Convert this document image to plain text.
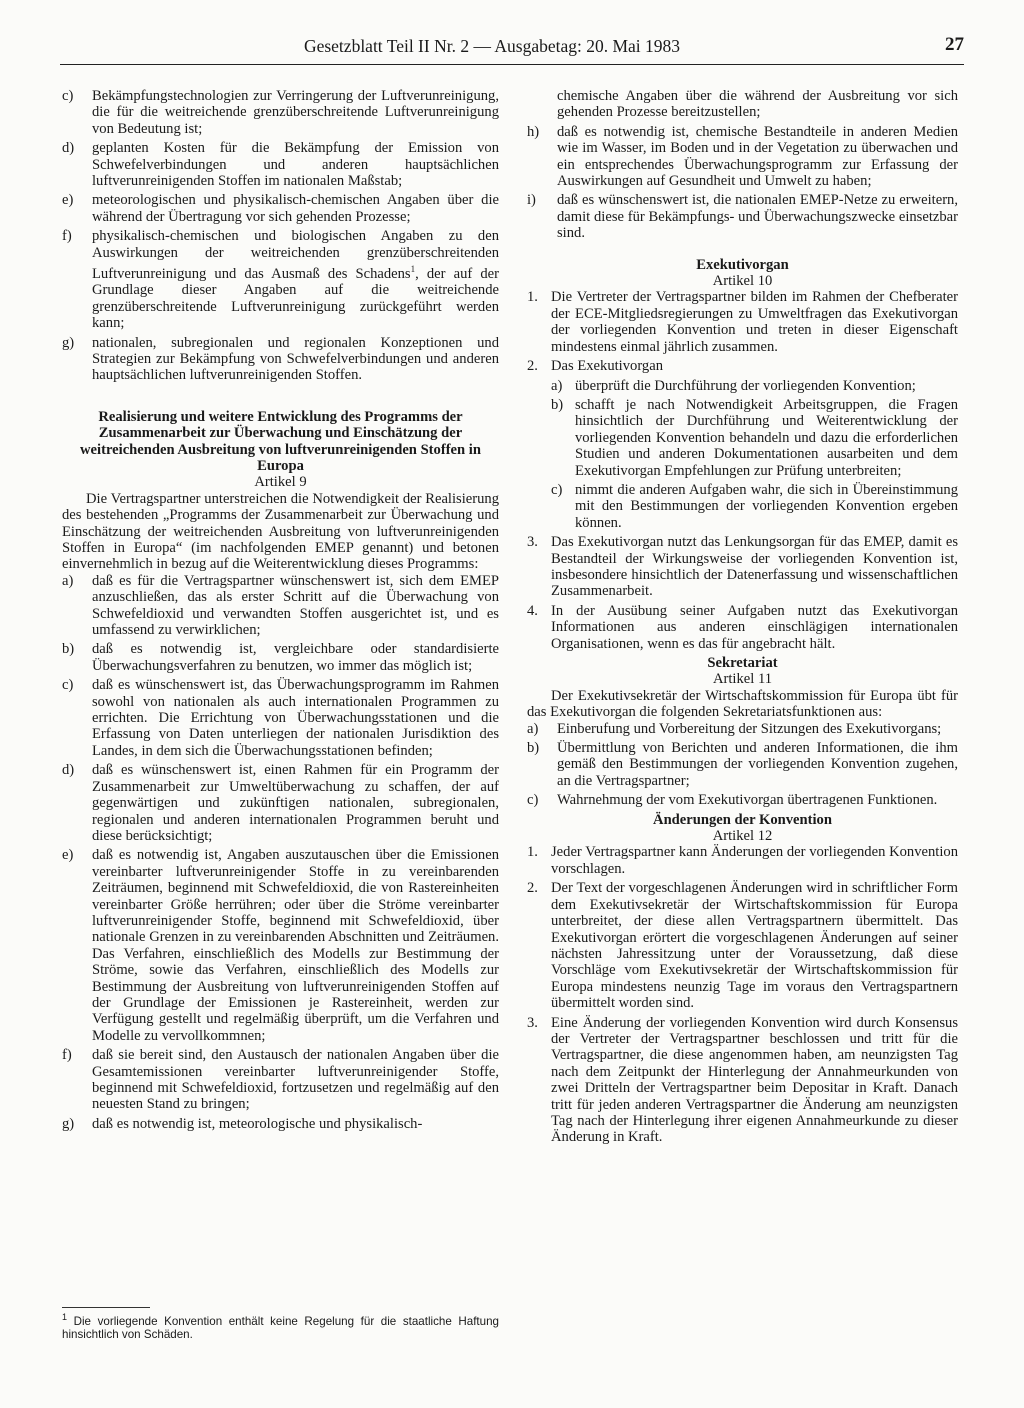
Gesetzblatt Teil II Nr. 2 — Ausgabetag: 20. Mai 1983	27
c)	Bekämpfungstechnologien zur Verringerung der Luftverunreinigung, die für die weitreichende grenzüberschreitende Luftverunreinigung von Bedeutung ist;
d)	geplanten Kosten für die Bekämpfung der Emission von Schwefelverbindungen und anderen hauptsächlichen luftverunreinigenden Stoffen im nationalen Maßstab;
e)	meteorologischen und physikalisch-chemischen Angaben über die während der Übertragung vor sich gehenden Prozesse;
f)	physikalisch-chemischen und biologischen Angaben zu den Auswirkungen der weitreichenden grenzüberschreitenden Luftverunreinigung und das Ausmaß des Schadens$^1$, der auf der Grundlage dieser Angaben auf die weitreichende grenzüberschreitende Luftverunreinigung zurückgeführt werden kann;
g)	nationalen, subregionalen und regionalen Konzeptionen und Strategien zur Bekämpfung von Schwefelverbindungen und anderen hauptsächlichen luftverunreinigenden Stoffen.

Realisierung und weitere Entwicklung des Programms der Zusammenarbeit zur Überwachung und Einschätzung der weitreichenden Ausbreitung von luftverunreinigenden Stoffen in Europa

Artikel 9

Die Vertragspartner unterstreichen die Notwendigkeit der Realisierung des bestehenden „Programms der Zusammenarbeit zur Überwachung und Einschätzung der weitreichenden Ausbreitung von luftverunreinigenden Stoffen in Europa“ (im nachfolgenden EMEP genannt) und betonen einvernehmlich in bezug auf die Weiterentwicklung dieses Programms:

a)	daß es für die Vertragspartner wünschenswert ist, sich dem EMEP anzuschließen, das als erster Schritt auf die Überwachung von Schwefeldioxid und verwandten Stoffen ausgerichtet ist, und es umfassend zu verwirklichen;
b)	daß es notwendig ist, vergleichbare oder standardisierte Überwachungsverfahren zu benutzen, wo immer das möglich ist;
c)	daß es wünschenswert ist, das Überwachungsprogramm im Rahmen sowohl von nationalen als auch internationalen Programmen zu errichten. Die Errichtung von Überwachungsstationen und die Erfassung von Daten unterliegen der nationalen Jurisdiktion des Landes, in dem sich die Überwachungsstationen befinden;
d)	daß es wünschenswert ist, einen Rahmen für ein Programm der Zusammenarbeit zur Umweltüberwachung zu schaffen, der auf gegenwärtigen und zukünftigen nationalen, subregionalen, regionalen und anderen internationalen Programmen beruht und diese berücksichtigt;
e)	daß es notwendig ist, Angaben auszutauschen über die Emissionen vereinbarter luftverunreinigender Stoffe in zu vereinbarenden Zeiträumen, beginnend mit Schwefeldioxid, die von Rastereinheiten vereinbarter Größe herrühren; oder über die Ströme vereinbarter luftverunreinigender Stoffe, beginnend mit Schwefeldioxid, über nationale Grenzen in zu vereinbarenden Abschnitten und Zeiträumen. Das Verfahren, einschließlich des Modells zur Bestimmung der Ströme, sowie das Verfahren, einschließlich des Modells zur Bestimmung der Ausbreitung von luftverunreinigenden Stoffen auf der Grundlage der Emissionen je Rastereinheit, werden zur Verfügung gestellt und regelmäßig überprüft, um die Verfahren und Modelle zu vervollkommnen;
f)	daß sie bereit sind, den Austausch der nationalen Angaben über die Gesamtemissionen vereinbarter luftverunreinigender Stoffe, beginnend mit Schwefeldioxid, fortzusetzen und regelmäßig auf den neuesten Stand zu bringen;
g)	daß es notwendig ist, meteorologische und physikalisch-
$^1$ Die vorliegende Konvention enthält keine Regelung für die staatliche Haftung hinsichtlich von Schäden.
chemische Angaben über die während der Ausbreitung vor sich gehenden Prozesse bereitzustellen;
h)	daß es notwendig ist, chemische Bestandteile in anderen Medien wie im Wasser, im Boden und in der Vegetation zu überwachen und ein entsprechendes Überwachungsprogramm zur Erfassung der Auswirkungen auf Gesundheit und Umwelt zu haben;
i)	daß es wünschenswert ist, die nationalen EMEP-Netze zu erweitern, damit diese für Bekämpfungs- und Überwachungszwecke einsetzbar sind.

Exekutivorgan

Artikel 10

1. Die Vertreter der Vertragspartner bilden im Rahmen der Chefberater der ECE-Mitgliedsregierungen zu Umweltfragen das Exekutivorgan der vorliegenden Konvention und treten in dieser Eigenschaft mindestens einmal jährlich zusammen.
2. Das Exekutivorgan
a) überprüft die Durchführung der vorliegenden Konvention;
b) schafft je nach Notwendigkeit Arbeitsgruppen, die Fragen hinsichtlich der Durchführung und Weiterentwicklung der vorliegenden Konvention behandeln und dazu die erforderlichen Studien und anderen Dokumentationen ausarbeiten und dem Exekutivorgan Empfehlungen zur Prüfung unterbreiten;
c) nimmt die anderen Aufgaben wahr, die sich in Übereinstimmung mit den Bestimmungen der vorliegenden Konvention ergeben können.
3. Das Exekutivorgan nutzt das Lenkungsorgan für das EMEP, damit es Bestandteil der Wirkungsweise der vorliegenden Konvention ist, insbesondere hinsichtlich der Datenerfassung und wissenschaftlichen Zusammenarbeit.
4. In der Ausübung seiner Aufgaben nutzt das Exekutivorgan Informationen aus anderen einschlägigen internationalen Organisationen, wenn es das für angebracht hält.

Sekretariat

Artikel 11

Der Exekutivsekretär der Wirtschaftskommission für Europa übt für das Exekutivorgan die folgenden Sekretariatsfunktionen aus:

a)	Einberufung und Vorbereitung der Sitzungen des Exekutivorgans;
b)	Übermittlung von Berichten und anderen Informationen, die ihm gemäß den Bestimmungen der vorliegenden Konvention zugehen, an die Vertragspartner;
c)	Wahrnehmung der vom Exekutivorgan übertragenen Funktionen.

Änderungen der Konvention

Artikel 12

1. Jeder Vertragspartner kann Änderungen der vorliegenden Konvention vorschlagen.
2. Der Text der vorgeschlagenen Änderungen wird in schriftlicher Form dem Exekutivsekretär der Wirtschaftskommission für Europa unterbreitet, der diese allen Vertragspartnern übermittelt. Das Exekutivorgan erörtert die vorgeschlagenen Änderungen auf seiner nächsten Jahressitzung unter der Voraussetzung, daß diese Vorschläge vom Exekutivsekretär der Wirtschaftskommission für Europa mindestens neunzig Tage im voraus den Vertragspartnern übermittelt worden sind.
3. Eine Änderung der vorliegenden Konvention wird durch Konsensus der Vertreter der Vertragspartner beschlossen und tritt für die Vertragspartner, die diese angenommen haben, am neunzigsten Tag nach dem Zeitpunkt der Hinterlegung der Annahmeurkunden von zwei Dritteln der Vertragspartner beim Depositar in Kraft. Danach tritt für jeden anderen Vertragspartner die Änderung am neunzigsten Tag nach der Hinterlegung ihrer eigenen Annahmeurkunde zu dieser Änderung in Kraft.
